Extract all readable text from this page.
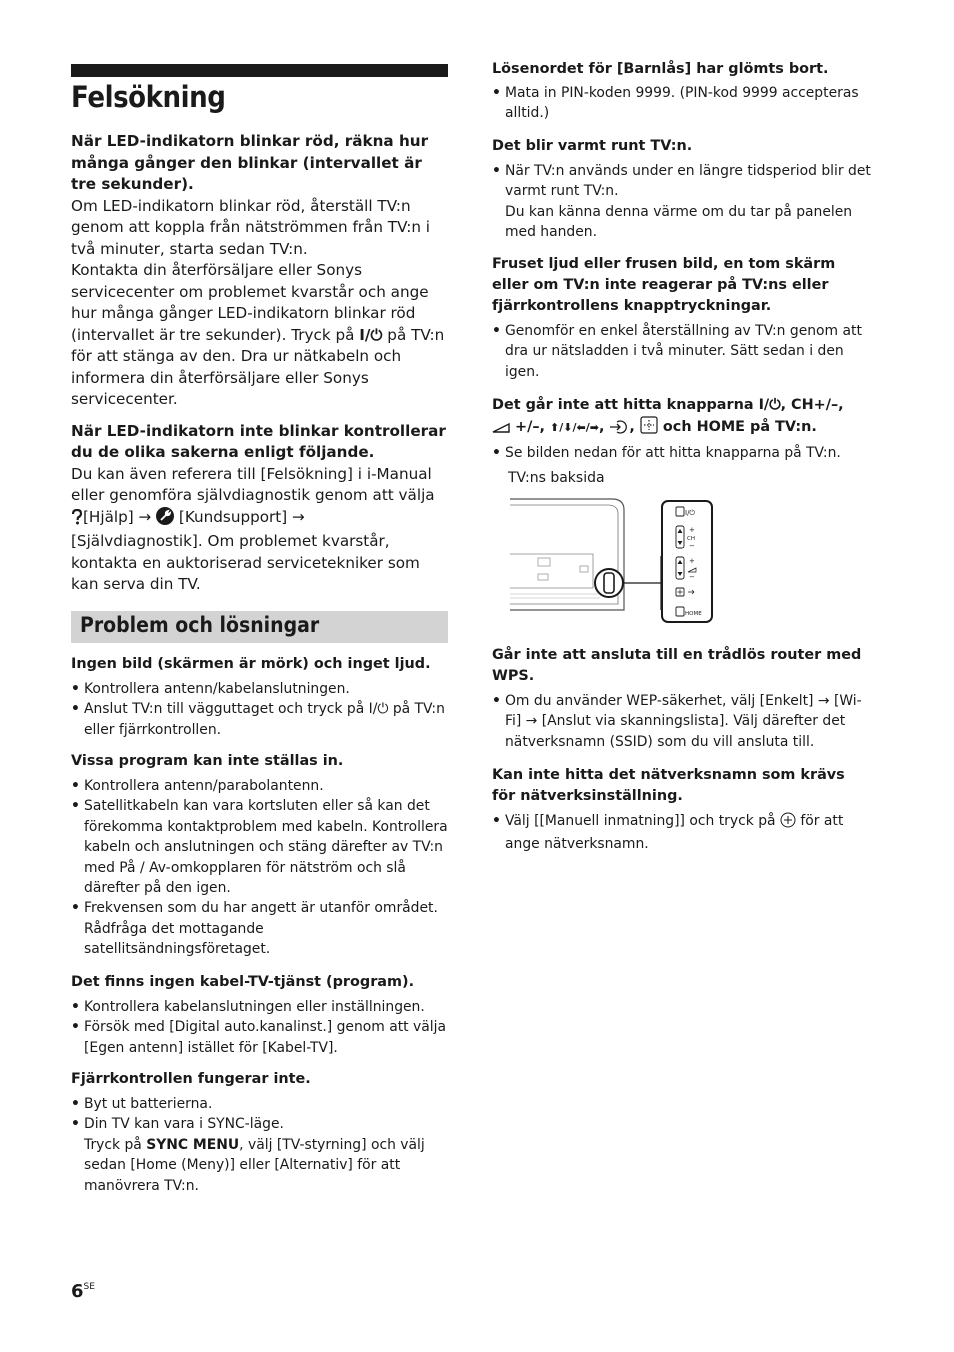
Felsökning

När LED-indikatorn blinkar röd, räkna hur många gånger den blinkar (intervallet är tre sekunder).

Om LED-indikatorn blinkar röd, återställ TV:n genom att koppla från nätströmmen från TV:n i två minuter, starta sedan TV:n.

Kontakta din återförsäljare eller Sonys servicecenter om problemet kvarstår och ange hur många gånger LED-indikatorn blinkar röd (intervallet är tre sekunder). Tryck på I/⏻ på TV:n för att stänga av den. Dra ur nätkabeln och informera din återförsäljare eller Sonys servicecenter.

När LED-indikatorn inte blinkar kontrollerar du de olika sakerna enligt följande.

Du kan även referera till [Felsökning] i i-Manual eller genomföra självdiagnostik genom att välja [Hjälp] → [Kundsupport] →
[Självdiagnostik]. Om problemet kvarstår, kontakta en auktoriserad servicetekniker som kan serva din TV.

Problem och lösningar

Ingen bild (skärmen är mörk) och inget ljud.

• Kontrollera antenn/kabelanslutningen.
• Anslut TV:n till vägguttaget och tryck på I/⏻ på TV:n eller fjärrkontrollen.

Vissa program kan inte ställas in.

• Kontrollera antenn/parabolantenn.
• Satellitkabeln kan vara kortsluten eller så kan det förekomma kontaktproblem med kabeln. Kontrollera kabeln och anslutningen och stäng därefter av TV:n med På / Av-omkopplaren för nätström och slå därefter på den igen.
• Frekvensen som du har angett är utanför området. Rådfråga det mottagande satellitsändningsföretaget.

Det finns ingen kabel-TV-tjänst (program).

• Kontrollera kabelanslutningen eller inställningen.
• Försök med [Digital auto.kanalinst.] genom att välja [Egen antenn] istället för [Kabel-TV].

Fjärrkontrollen fungerar inte.

• Byt ut batterierna.
• Din TV kan vara i SYNC-läge.
Tryck på SYNC MENU, välj [TV-styrning] och välj sedan [Home (Meny)] eller [Alternativ] för att manövrera TV:n.
$6^{SE}$

Lösenordet för [Barnlås] har glömts bort.

• Mata in PIN-koden 9999. (PIN-kod 9999 accepteras alltid.)

Det blir varmt runt TV:n.

• När TV:n används under en längre tidsperiod blir det varmt runt TV:n.
Du kan känna denna värme om du tar på panelen med handen.

Fruset ljud eller frusen bild, en tom skärm eller om TV:n inte reagerar på TV:ns eller fjärrkontrollens knapptryckningar.

• Genomför en enkel återställning av TV:n genom att dra ur nätsladden i två minuter. Sätt sedan i den igen.

Det går inte att hitta knapparna I/⏻, CH+/–,
+/–, ⬆/⬇/⬅/➡, ,  och HOME på TV:n.

• Se bilden nedan för att hitta knapparna på TV:n.
TV:ns baksida
I/⏻
+
CH
−
+
−
HOME

Går inte att ansluta till en trådlös router med WPS.

• Om du använder WEP-säkerhet, välj [Enkelt] → [Wi-Fi] → [Anslut via skanningslista]. Välj därefter det nätverksnamn (SSID) som du vill ansluta till.

Kan inte hitta det nätverksnamn som krävs för nätverksinställning.

• Välj [[Manuell inmatning]] och tryck på  för att ange nätverksnamn.
